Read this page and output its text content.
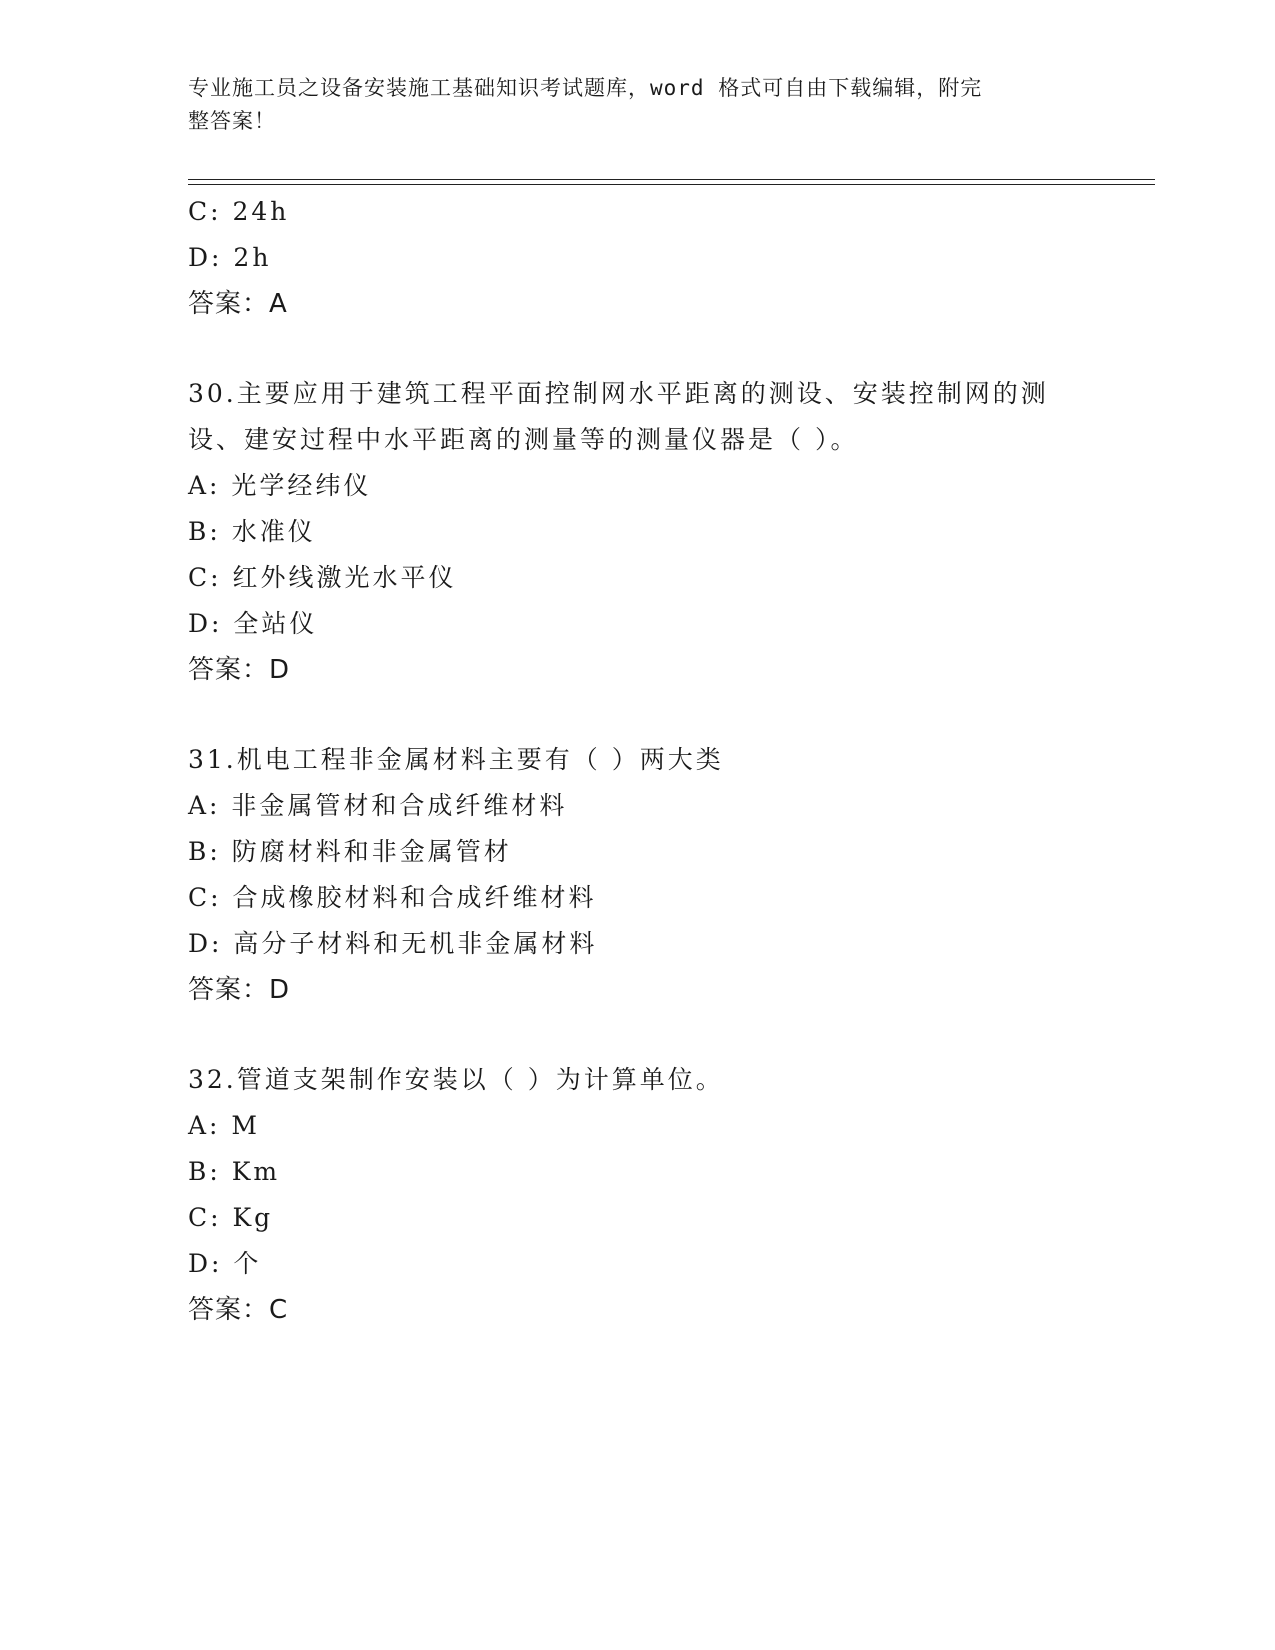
专业施工员之设备安装施工基础知识考试题库，word 格式可自由下载编辑，附完
整答案！
C: 24h
D: 2h
答案：A
30.主要应用于建筑工程平面控制网水平距离的测设、安装控制网的测
设、建安过程中水平距离的测量等的测量仪器是（ ）。
A: 光学经纬仪
B: 水准仪
C: 红外线激光水平仪
D: 全站仪
答案：D
31.机电工程非金属材料主要有（ ）两大类
A: 非金属管材和合成纤维材料
B: 防腐材料和非金属管材
C: 合成橡胶材料和合成纤维材料
D: 高分子材料和无机非金属材料
答案：D
32.管道支架制作安装以（ ）为计算单位。
A: M
B: Km
C: Kg
D: 个
答案：C
